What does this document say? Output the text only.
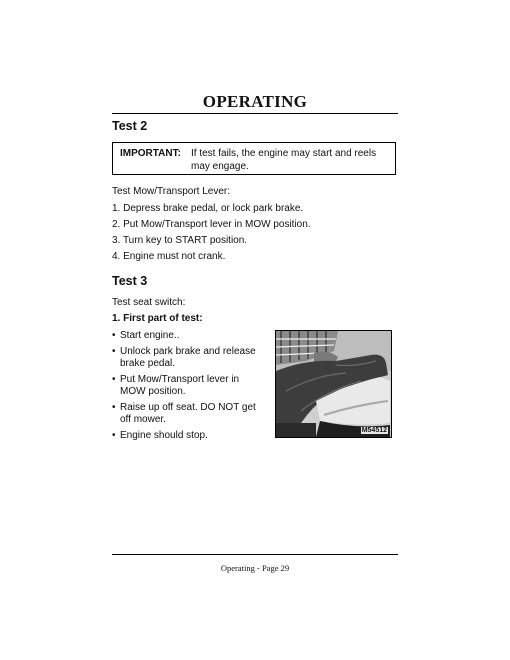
OPERATING
Test 2
IMPORTANT: If test fails, the engine may start and reels may engage.
Test Mow/Transport Lever:
1. Depress brake pedal, or lock park brake.
2. Put Mow/Transport lever in MOW position.
3. Turn key to START position.
4. Engine must not crank.
Test 3
Test seat switch:
1. First part of test:
• Start engine..
• Unlock park brake and release brake pedal.
• Put Mow/Transport lever in MOW position.
• Raise up off seat. DO NOT get off mower.
• Engine should stop.	M54512
Operating - Page 29
